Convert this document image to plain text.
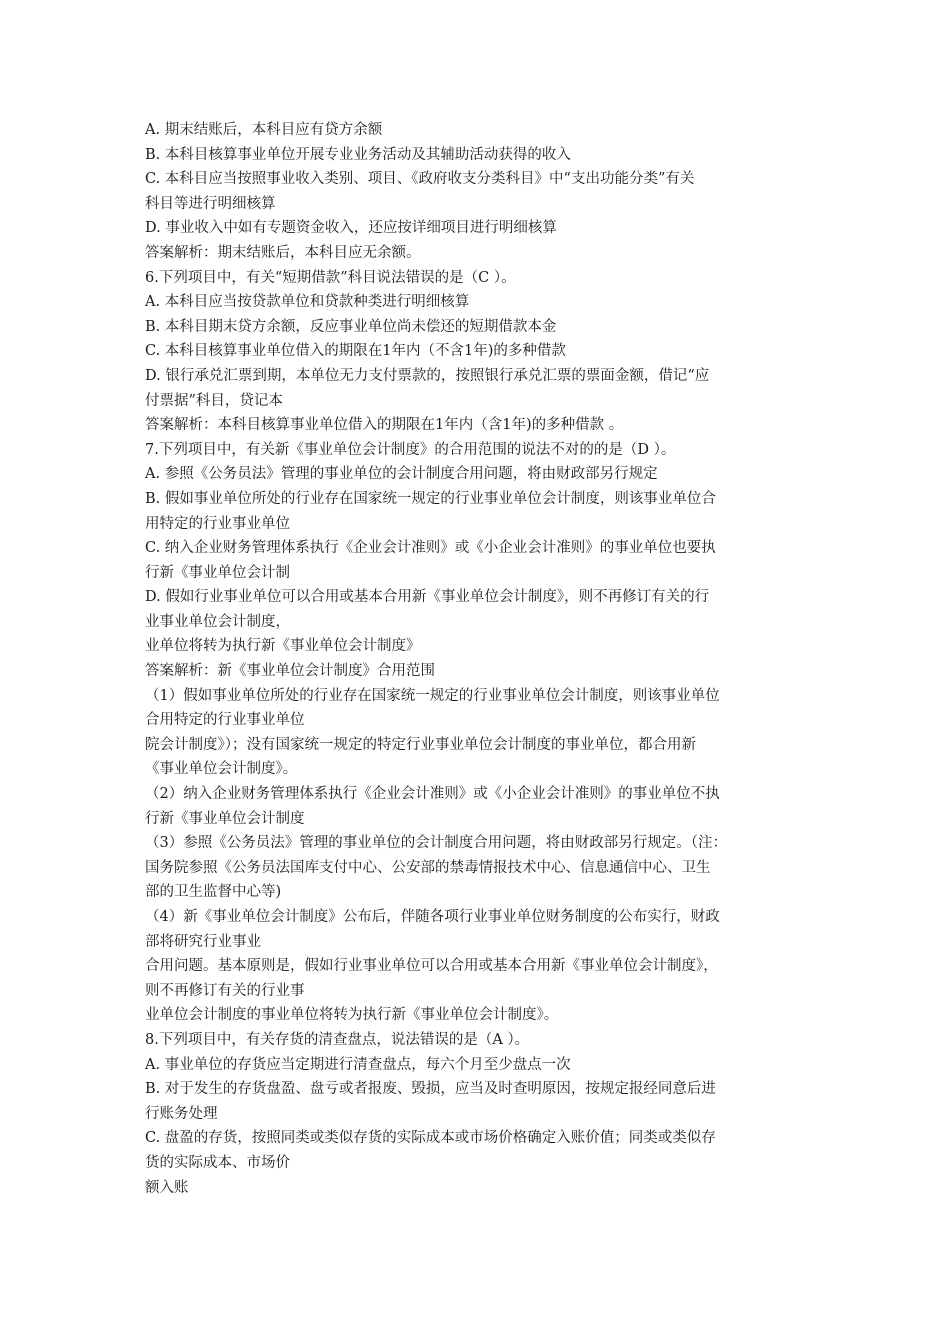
A. 期末结账后，本科目应有贷方余额
B. 本科目核算事业单位开展专业业务活动及其辅助活动获得的收入
C. 本科目应当按照事业收入类别、项目、《政府收支分类科目》中“支出功能分类”有关
科目等进行明细核算
D. 事业收入中如有专题资金收入，还应按详细项目进行明细核算
答案解析：期末结账后，本科目应无余额。
6.下列项目中，有关“短期借款”科目说法错误的是（C ）。
A. 本科目应当按贷款单位和贷款种类进行明细核算
B. 本科目期末贷方余额，反应事业单位尚未偿还的短期借款本金
C. 本科目核算事业单位借入的期限在1年内（不含1年)的多种借款
D. 银行承兑汇票到期，本单位无力支付票款的，按照银行承兑汇票的票面金额，借记“应
付票据”科目，贷记本
答案解析：本科目核算事业单位借入的期限在1年内（含1年)的多种借款 。
7.下列项目中，有关新《事业单位会计制度》的合用范围的说法不对的的是（D ）。
A. 参照《公务员法》管理的事业单位的会计制度合用问题，将由财政部另行规定
B. 假如事业单位所处的行业存在国家统一规定的行业事业单位会计制度，则该事业单位合
用特定的行业事业单位
C. 纳入企业财务管理体系执行《企业会计准则》或《小企业会计准则》的事业单位也要执
行新《事业单位会计制
D. 假如行业事业单位可以合用或基本合用新《事业单位会计制度》，则不再修订有关的行
业事业单位会计制度，
业单位将转为执行新《事业单位会计制度》
答案解析：新《事业单位会计制度》合用范围
（1）假如事业单位所处的行业存在国家统一规定的行业事业单位会计制度，则该事业单位
合用特定的行业事业单位
院会计制度》）；没有国家统一规定的特定行业事业单位会计制度的事业单位，都合用新
《事业单位会计制度》。
（2）纳入企业财务管理体系执行《企业会计准则》或《小企业会计准则》的事业单位不执
行新《事业单位会计制度
（3）参照《公务员法》管理的事业单位的会计制度合用问题，将由财政部另行规定。（注：
国务院参照《公务员法国库支付中心、公安部的禁毒情报技术中心、信息通信中心、卫生
部的卫生监督中心等)
（4）新《事业单位会计制度》公布后，伴随各项行业事业单位财务制度的公布实行，财政
部将研究行业事业
合用问题。基本原则是，假如行业事业单位可以合用或基本合用新《事业单位会计制度》，
则不再修订有关的行业事
业单位会计制度的事业单位将转为执行新《事业单位会计制度》。
8.下列项目中，有关存货的清查盘点，说法错误的是（A ）。
A. 事业单位的存货应当定期进行清查盘点，每六个月至少盘点一次
B. 对于发生的存货盘盈、盘亏或者报废、毁损，应当及时查明原因，按规定报经同意后进
行账务处理
C. 盘盈的存货，按照同类或类似存货的实际成本或市场价格确定入账价值；同类或类似存
货的实际成本、市场价
额入账
